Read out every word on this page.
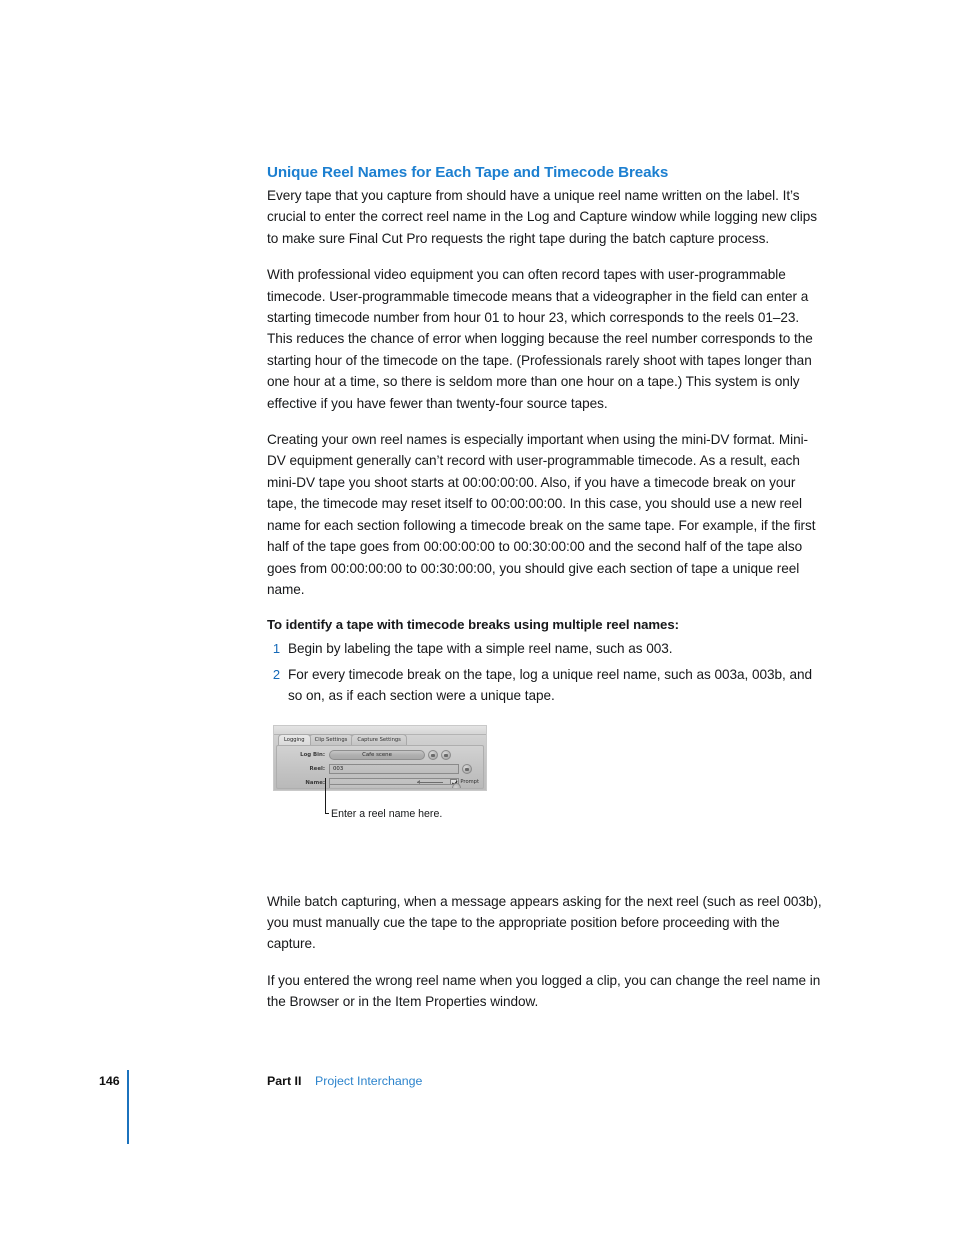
Unique Reel Names for Each Tape and Timecode Breaks

Every tape that you capture from should have a unique reel name written on the label. It’s crucial to enter the correct reel name in the Log and Capture window while logging new clips to make sure Final Cut Pro requests the right tape during the batch capture process.

With professional video equipment you can often record tapes with user-programmable timecode. User-programmable timecode means that a videographer in the field can enter a starting timecode number from hour 01 to hour 23, which corresponds to the reels 01–23. This reduces the chance of error when logging because the reel number corresponds to the starting hour of the timecode on the tape. (Professionals rarely shoot with tapes longer than one hour at a time, so there is seldom more than one hour on a tape.) This system is only effective if you have fewer than twenty-four source tapes.

Creating your own reel names is especially important when using the mini-DV format. Mini-DV equipment generally can’t record with user-programmable timecode. As a result, each mini-DV tape you shoot starts at 00:00:00:00. Also, if you have a timecode break on your tape, the timecode may reset itself to 00:00:00:00. In this case, you should use a new reel name for each section following a timecode break on the same tape. For example, if the first half of the tape goes from 00:00:00:00 to 00:30:00:00 and the second half of the tape also goes from 00:00:00:00 to 00:30:00:00, you should give each section of tape a unique reel name.

To identify a tape with timecode breaks using multiple reel names:
1 Begin by labeling the tape with a simple reel name, such as 003.
2 For every timecode break on the tape, log a unique reel name, such as 003a, 003b, and so on, as if each section were a unique tape.
Logging	Clip Settings	Capture Settings
Log Bin:	Cafe scene
Reel:	003
Name:	Prompt
Enter a reel name here.

While batch capturing, when a message appears asking for the next reel (such as reel 003b), you must manually cue the tape to the appropriate position before proceeding with the capture.

If you entered the wrong reel name when you logged a clip, you can change the reel name in the Browser or in the Item Properties window.

146	Part II Project Interchange
